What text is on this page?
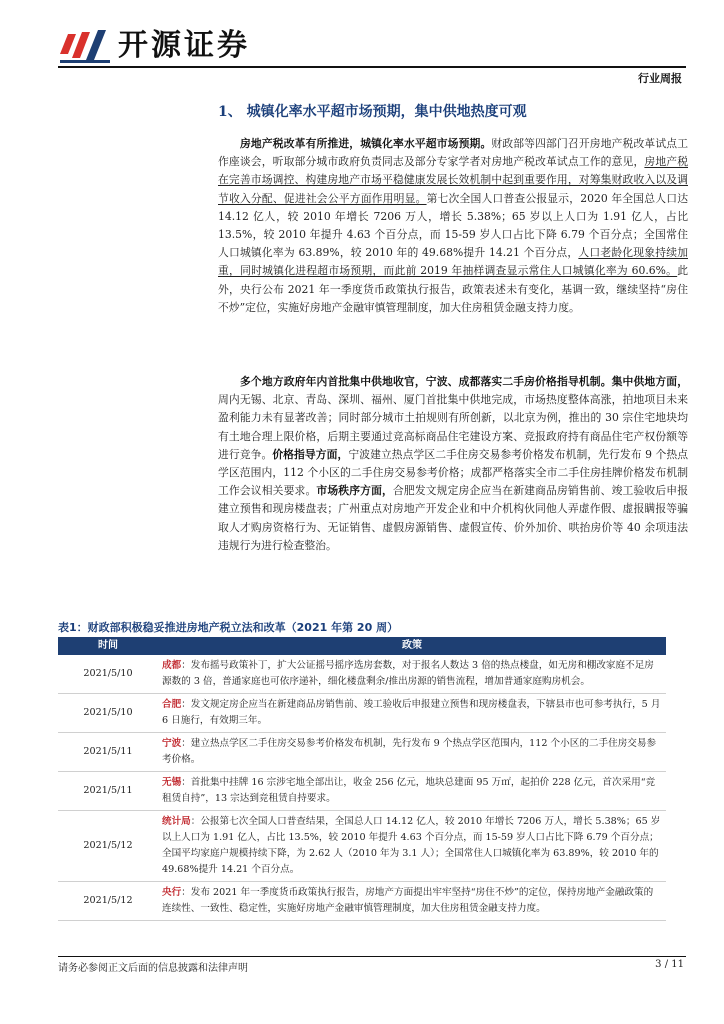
开源证券
行业周报
1、 城镇化率水平超市场预期，集中供地热度可观
房地产税改革有所推进，城镇化率水平超市场预期。财政部等四部门召开房地产税改革试点工作座谈会，听取部分城市政府负责同志及部分专家学者对房地产税改革试点工作的意见，房地产税在完善市场调控、构建房地产市场平稳健康发展长效机制中起到重要作用，对筹集财政收入以及调节收入分配、促进社会公平方面作用明显。第七次全国人口普查公报显示，2020 年全国总人口达 14.12 亿人，较 2010 年增长 7206 万人，增长 5.38%；65 岁以上人口为 1.91 亿人，占比 13.5%，较 2010 年提升 4.63 个百分点，而 15-59 岁人口占比下降 6.79 个百分点；全国常住人口城镇化率为 63.89%，较 2010 年的 49.68%提升 14.21 个百分点，人口老龄化现象持续加重，同时城镇化进程超市场预期，而此前 2019 年抽样调查显示常住人口城镇化率为 60.6%。此外，央行公布 2021 年一季度货币政策执行报告，政策表述未有变化，基调一致，继续坚持“房住不炒”定位，实施好房地产金融审慎管理制度，加大住房租赁金融支持力度。
多个地方政府年内首批集中供地收官，宁波、成都落实二手房价格指导机制。集中供地方面，周内无锡、北京、青岛、深圳、福州、厦门首批集中供地完成，市场热度整体高涨，拍地项目未来盈利能力未有显著改善；同时部分城市土拍规则有所创新，以北京为例，推出的 30 宗住宅地块均有土地合理上限价格，后期主要通过竞高标商品住宅建设方案、竞报政府持有商品住宅产权份额等进行竞争。价格指导方面，宁波建立热点学区二手住房交易参考价格发布机制，先行发布 9 个热点学区范围内，112 个小区的二手住房交易参考价格；成都严格落实全市二手住房挂牌价格发布机制工作会议相关要求。市场秩序方面，合肥发文规定房企应当在新建商品房销售前、竣工验收后申报建立预售和现房楼盘表；广州重点对房地产开发企业和中介机构伙同他人弄虚作假、虚报瞒报等骗取人才购房资格行为、无证销售、虚假房源销售、虚假宣传、价外加价、哄抬房价等 40 余项违法违规行为进行检查整治。
表1：财政部积极稳妥推进房地产税立法和改革（2021 年第 20 周）
时间	政策
2021/5/10	成都：发布摇号政策补丁，扩大公证摇号摇序选房套数，对于报名人数达 3 倍的热点楼盘，如无房和棚改家庭不足房源数的 3 倍，普通家庭也可依序递补，细化楼盘剩余/推出房源的销售流程，增加普通家庭购房机会。
2021/5/10	合肥：发文规定房企应当在新建商品房销售前、竣工验收后申报建立预售和现房楼盘表，下辖县市也可参考执行，5 月 6 日施行，有效期三年。
2021/5/11	宁波：建立热点学区二手住房交易参考价格发布机制，先行发布 9 个热点学区范围内，112 个小区的二手住房交易参考价格。
2021/5/11	无锡：首批集中挂牌 16 宗涉宅地全部出让，收金 256 亿元，地块总建面 95 万㎡，起拍价 228 亿元，首次采用“竞租赁自持”，13 宗达到竞租赁自持要求。
2021/5/12	统计局：公报第七次全国人口普查结果，全国总人口 14.12 亿人，较 2010 年增长 7206 万人，增长 5.38%；65 岁以上人口为 1.91 亿人，占比 13.5%，较 2010 年提升 4.63 个百分点，而 15-59 岁人口占比下降 6.79 个百分点；全国平均家庭户规模持续下降，为 2.62 人（2010 年为 3.1 人）；全国常住人口城镇化率为 63.89%，较 2010 年的 49.68%提升 14.21 个百分点。
2021/5/12	央行：发布 2021 年一季度货币政策执行报告，房地产方面提出牢牢坚持“房住不炒”的定位，保持房地产金融政策的连续性、一致性、稳定性，实施好房地产金融审慎管理制度，加大住房租赁金融支持力度。
请务必参阅正文后面的信息披露和法律声明	3 / 11
